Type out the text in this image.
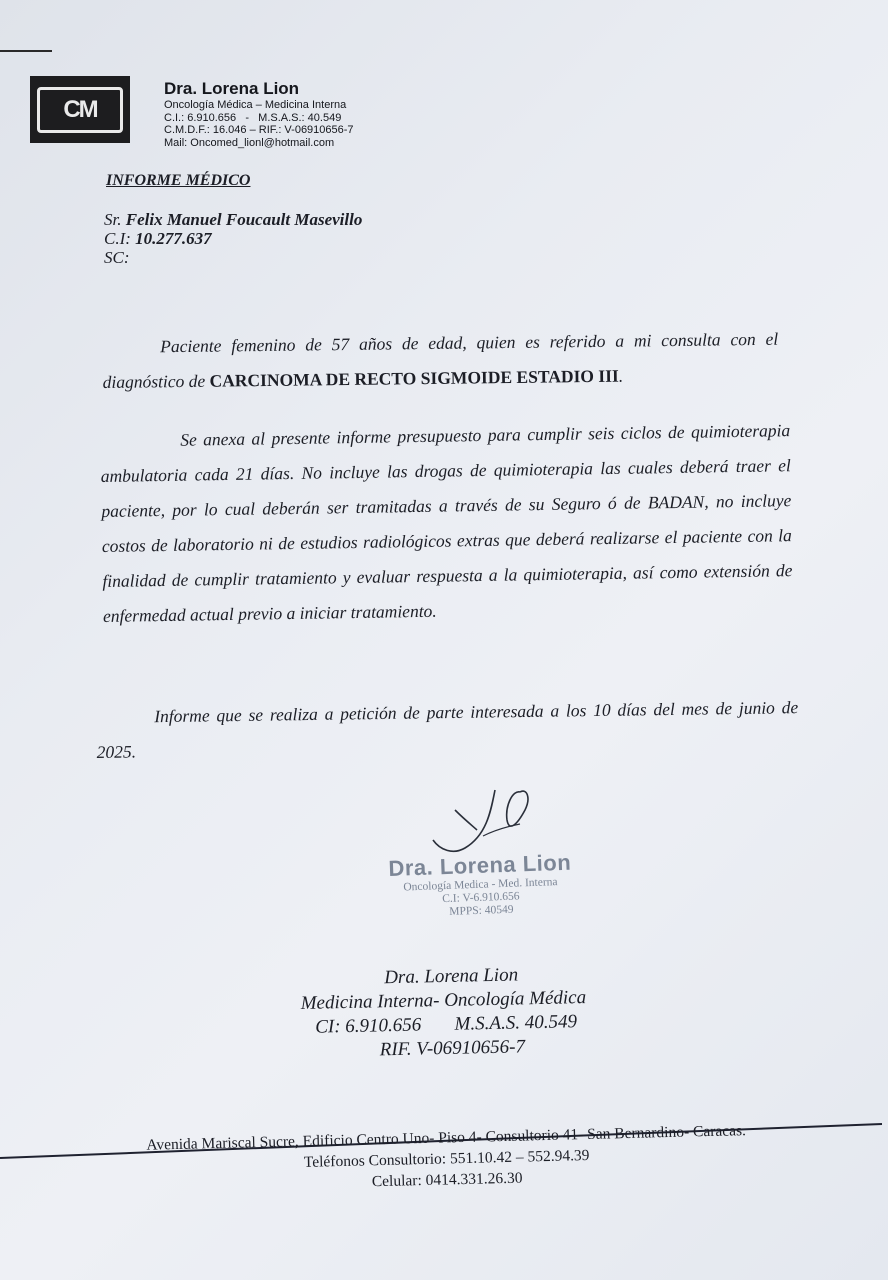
CM
Dra. Lorena Lion
Oncología Médica – Medicina Interna
C.I.: 6.910.656   -   M.S.A.S.: 40.549
C.M.D.F.: 16.046 – RIF.: V-06910656-7
Mail: Oncomed_lionl@hotmail.com
INFORME MÉDICO
Sr. Felix Manuel Foucault Masevillo
C.I: 10.277.637
SC:
Paciente femenino de 57 años de edad, quien es referido a mi consulta con el diagnóstico de CARCINOMA DE RECTO SIGMOIDE ESTADIO III.
Se anexa al presente informe presupuesto para cumplir seis ciclos de quimioterapia ambulatoria cada 21 días. No incluye las drogas de quimioterapia las cuales deberá traer el paciente, por lo cual deberán ser tramitadas a través de su Seguro ó de BADAN, no incluye costos de laboratorio ni de estudios radiológicos extras que deberá realizarse el paciente con la finalidad de cumplir tratamiento y evaluar respuesta a la quimioterapia, así como extensión de enfermedad actual previo a iniciar tratamiento.
Informe que se realiza a petición de parte interesada a los 10 días del mes de junio de 2025.
Dra. Lorena Lion
Oncología Medica - Med. Interna
C.I: V-6.910.656
MPPS: 40549
Dra. Lorena Lion
Medicina Interna- Oncología Médica
CI: 6.910.656       M.S.A.S. 40.549
RIF. V-06910656-7
Avenida Mariscal Sucre, Edificio Centro Uno- Piso 4- Consultorio 41- San Bernardino- Caracas.
Teléfonos Consultorio: 551.10.42 – 552.94.39
Celular: 0414.331.26.30
